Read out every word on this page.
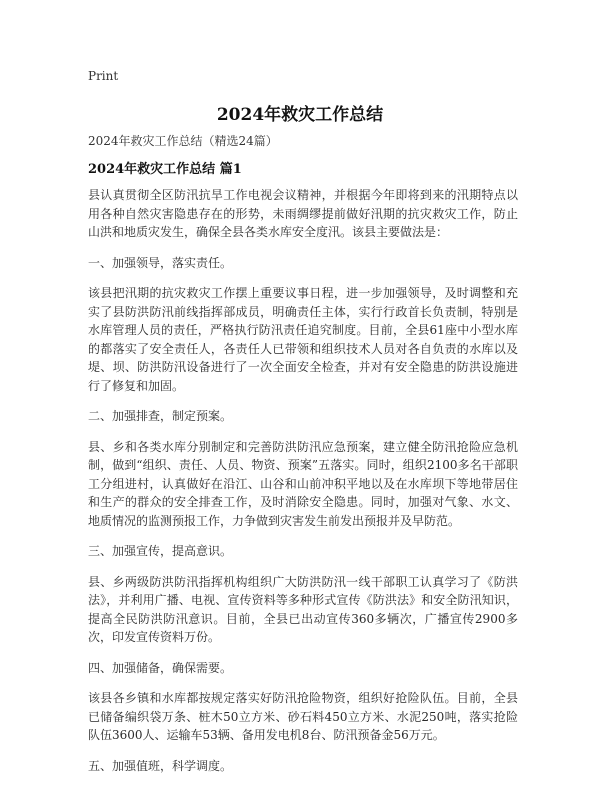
Print
2024年救灾工作总结
2024年救灾工作总结（精选24篇）
2024年救灾工作总结 篇1

县认真贯彻全区防汛抗旱工作电视会议精神，并根据今年即将到来的汛期特点以用各种自然灾害隐患存在的形势，未雨绸缪提前做好汛期的抗灾救灾工作，防止山洪和地质灾发生，确保全县各类水库安全度汛。该县主要做法是：

一、加强领导，落实责任。

该县把汛期的抗灾救灾工作摆上重要议事日程，进一步加强领导，及时调整和充实了县防洪防汛前线指挥部成员，明确责任主体，实行行政首长负责制，特别是水库管理人员的责任，严格执行防汛责任追究制度。目前，全县61座中小型水库的都落实了安全责任人，各责任人已带领和组织技术人员对各自负责的水库以及堤、坝、防洪防汛设备进行了一次全面安全检查，并对有安全隐患的防洪设施进行了修复和加固。

二、加强排查，制定预案。

县、乡和各类水库分别制定和完善防洪防汛应急预案，建立健全防汛抢险应急机制，做到“组织、责任、人员、物资、预案”五落实。同时，组织2100多名干部职工分组进村，认真做好在沿江、山谷和山前冲积平地以及在水库坝下等地带居住和生产的群众的安全排查工作，及时消除安全隐患。同时，加强对气象、水文、地质情况的监测预报工作，力争做到灾害发生前发出预报并及早防范。

三、加强宣传，提高意识。

县、乡两级防洪防汛指挥机构组织广大防洪防汛一线干部职工认真学习了《防洪法》，并利用广播、电视、宣传资料等多种形式宣传《防洪法》和安全防汛知识，提高全民防洪防汛意识。目前，全县已出动宣传360多辆次，广播宣传2900多次，印发宣传资料万份。

四、加强储备，确保需要。

该县各乡镇和水库都按规定落实好防汛抢险物资，组织好抢险队伍。目前，全县已储备编织袋万条、桩木50立方米、砂石料450立方米、水泥250吨，落实抢险队伍3600人、运输车53辆、备用发电机8台、防汛预备金56万元。

五、加强值班，科学调度。
